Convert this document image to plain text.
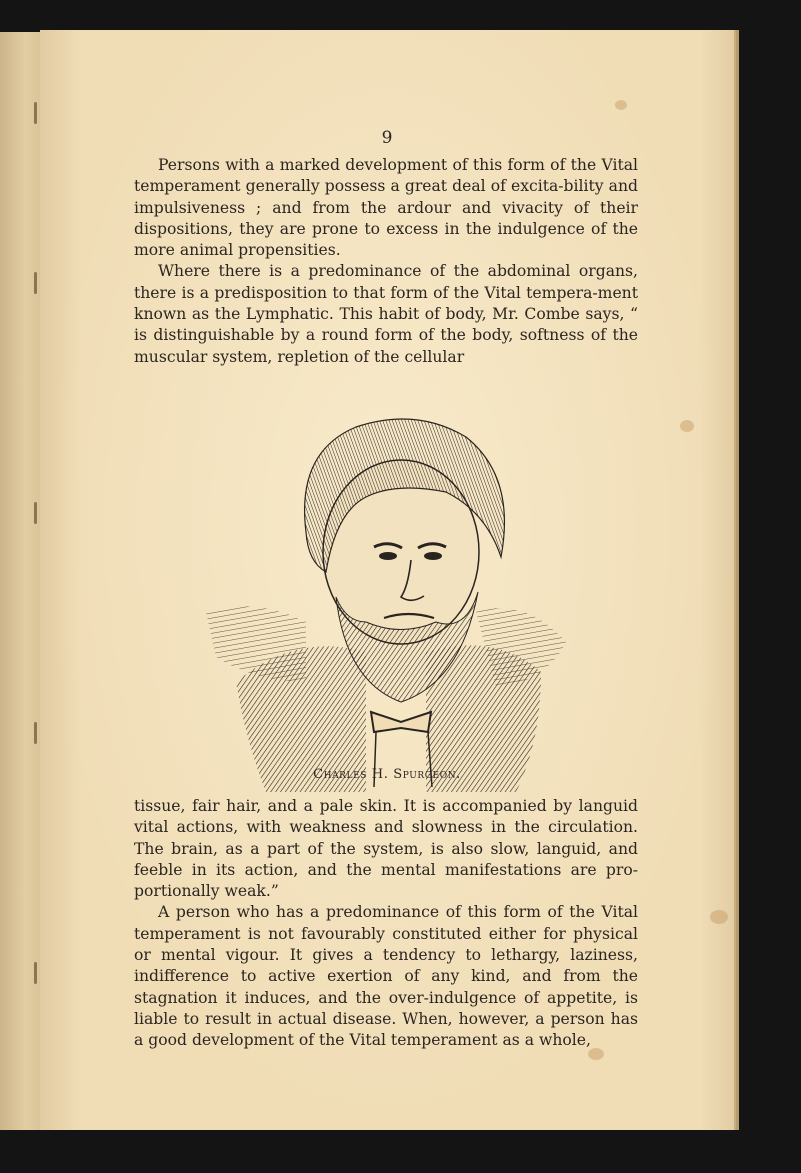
9

Persons with a marked development of this form of the Vital temperament generally possess a great deal of excita-bility and impulsiveness ; and from the ardour and vivacity of their dispositions, they are prone to excess in the indulgence of the more animal propensities.

Where there is a predominance of the abdominal organs, there is a predisposition to that form of the Vital tempera-ment known as the Lymphatic. This habit of body, Mr. Combe says, “ is distinguishable by a round form of the body, softness of the muscular system, repletion of the cellular

Charles H. Spurgeon.

tissue, fair hair, and a pale skin. It is accompanied by languid vital actions, with weakness and slowness in the circulation. The brain, as a part of the system, is also slow, languid, and feeble in its action, and the mental manifestations are pro-portionally weak.”

A person who has a predominance of this form of the Vital temperament is not favourably constituted either for physical or mental vigour. It gives a tendency to lethargy, laziness, indifference to active exertion of any kind, and from the stagnation it induces, and the over-indulgence of appetite, is liable to result in actual disease. When, however, a person has a good development of the Vital temperament as a whole,
